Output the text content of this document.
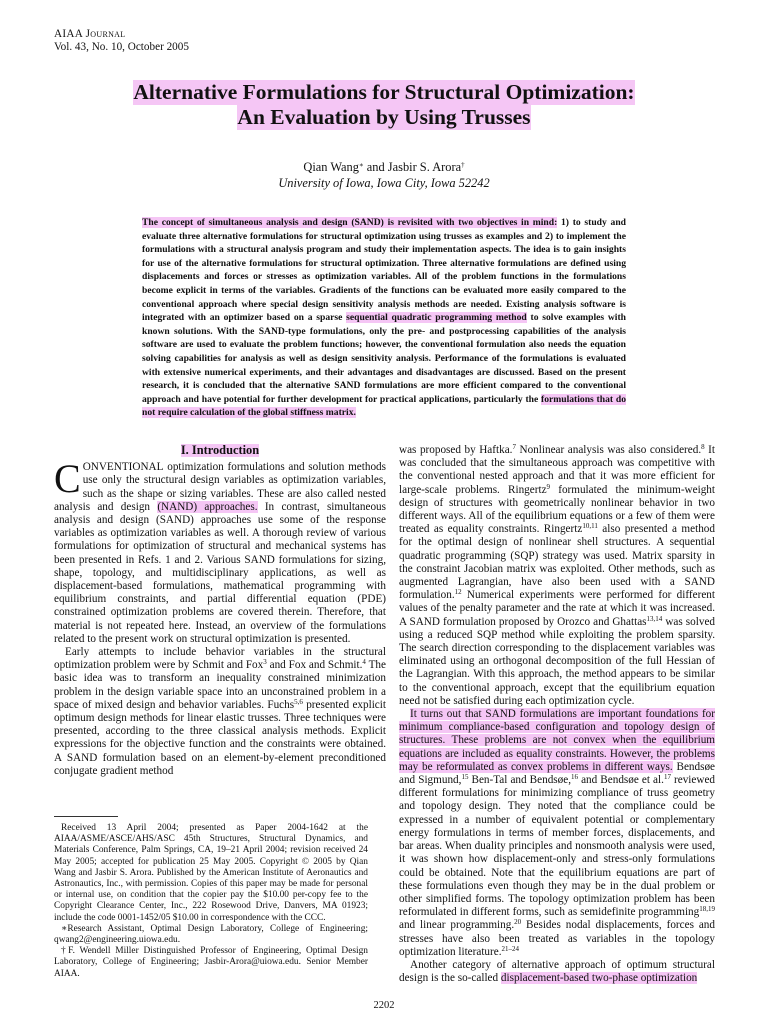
AIAA Journal
Vol. 43, No. 10, October 2005
Alternative Formulations for Structural Optimization:
An Evaluation by Using Trusses
Qian Wang∗ and Jasbir S. Arora†
University of Iowa, Iowa City, Iowa 52242

The concept of simultaneous analysis and design (SAND) is revisited with two objectives in mind: 1) to study and evaluate three alternative formulations for structural optimization using trusses as examples and 2) to implement the formulations with a structural analysis program and study their implementation aspects. The idea is to gain insights for use of the alternative formulations for structural optimization. Three alternative formulations are defined using displacements and forces or stresses as optimization variables. All of the problem functions in the formulations become explicit in terms of the variables. Gradients of the functions can be evaluated more easily compared to the conventional approach where special design sensitivity analysis methods are needed. Existing analysis software is integrated with an optimizer based on a sparse sequential quadratic programming method to solve examples with known solutions. With the SAND-type formulations, only the pre- and postprocessing capabilities of the analysis software are used to evaluate the problem functions; however, the conventional formulation also needs the equation solving capabilities for analysis as well as design sensitivity analysis. Performance of the formulations is evaluated with extensive numerical experiments, and their advantages and disadvantages are discussed. Based on the present research, it is concluded that the alternative SAND formulations are more efficient compared to the conventional approach and have potential for further development for practical applications, particularly the formulations that do not require calculation of the global stiffness matrix.

I. Introduction

CONVENTIONAL optimization formulations and solution methods use only the structural design variables as optimization variables, such as the shape or sizing variables. These are also called nested analysis and design (NAND) approaches. In contrast, simultaneous analysis and design (SAND) approaches use some of the response variables as optimization variables as well. A thorough review of various formulations for optimization of structural and mechanical systems has been presented in Refs. 1 and 2. Various SAND formulations for sizing, shape, topology, and multidisciplinary applications, as well as displacement-based formulations, mathematical programming with equilibrium constraints, and partial differential equation (PDE) constrained optimization problems are covered therein. Therefore, that material is not repeated here. Instead, an overview of the formulations related to the present work on structural optimization is presented.

Early attempts to include behavior variables in the structural optimization problem were by Schmit and Fox$^3$ and Fox and Schmit.$^4$ The basic idea was to transform an inequality constrained minimization problem in the design variable space into an unconstrained problem in a space of mixed design and behavior variables. Fuchs$^{5,6}$ presented explicit optimum design methods for linear elastic trusses. Three techniques were presented, according to the three classical analysis methods. Explicit expressions for the objective function and the constraints were obtained. A SAND formulation based on an element-by-element preconditioned conjugate gradient method

Received 13 April 2004; presented as Paper 2004-1642 at the AIAA/ASME/ASCE/AHS/ASC 45th Structures, Structural Dynamics, and Materials Conference, Palm Springs, CA, 19–21 April 2004; revision received 24 May 2005; accepted for publication 25 May 2005. Copyright © 2005 by Qian Wang and Jasbir S. Arora. Published by the American Institute of Aeronautics and Astronautics, Inc., with permission. Copies of this paper may be made for personal or internal use, on condition that the copier pay the $10.00 per-copy fee to the Copyright Clearance Center, Inc., 222 Rosewood Drive, Danvers, MA 01923; include the code 0001-1452/05 $10.00 in correspondence with the CCC.

∗Research Assistant, Optimal Design Laboratory, College of Engineering; qwang2@engineering.uiowa.edu.

†F. Wendell Miller Distinguished Professor of Engineering, Optimal Design Laboratory, College of Engineering; Jasbir-Arora@uiowa.edu. Senior Member AIAA.

was proposed by Haftka.$^7$ Nonlinear analysis was also considered.$^8$ It was concluded that the simultaneous approach was competitive with the conventional nested approach and that it was more efficient for large-scale problems. Ringertz$^9$ formulated the minimum-weight design of structures with geometrically nonlinear behavior in two different ways. All of the equilibrium equations or a few of them were treated as equality constraints. Ringertz$^{10,11}$ also presented a method for the optimal design of nonlinear shell structures. A sequential quadratic programming (SQP) strategy was used. Matrix sparsity in the constraint Jacobian matrix was exploited. Other methods, such as augmented Lagrangian, have also been used with a SAND formulation.$^{12}$ Numerical experiments were performed for different values of the penalty parameter and the rate at which it was increased. A SAND formulation proposed by Orozco and Ghattas$^{13,14}$ was solved using a reduced SQP method while exploiting the problem sparsity. The search direction corresponding to the displacement variables was eliminated using an orthogonal decomposition of the full Hessian of the Lagrangian. With this approach, the method appears to be similar to the conventional approach, except that the equilibrium equation need not be satisfied during each optimization cycle.

It turns out that SAND formulations are important foundations for minimum compliance-based configuration and topology design of structures. These problems are not convex when the equilibrium equations are included as equality constraints. However, the problems may be reformulated as convex problems in different ways. Bendsøe and Sigmund,$^{15}$ Ben-Tal and Bendsøe,$^{16}$ and Bendsøe et al.$^{17}$ reviewed different formulations for minimizing compliance of truss geometry and topology design. They noted that the compliance could be expressed in a number of equivalent potential or complementary energy formulations in terms of member forces, displacements, and bar areas. When duality principles and nonsmooth analysis were used, it was shown how displacement-only and stress-only formulations could be obtained. Note that the equilibrium equations are part of these formulations even though they may be in the dual problem or other simplified forms. The topology optimization problem has been reformulated in different forms, such as semidefinite programming$^{18,19}$ and linear programming.$^{20}$ Besides nodal displacements, forces and stresses have also been treated as variables in the topology optimization literature.$^{21-24}$

Another category of alternative approach of optimum structural design is the so-called displacement-based two-phase optimization

2202
